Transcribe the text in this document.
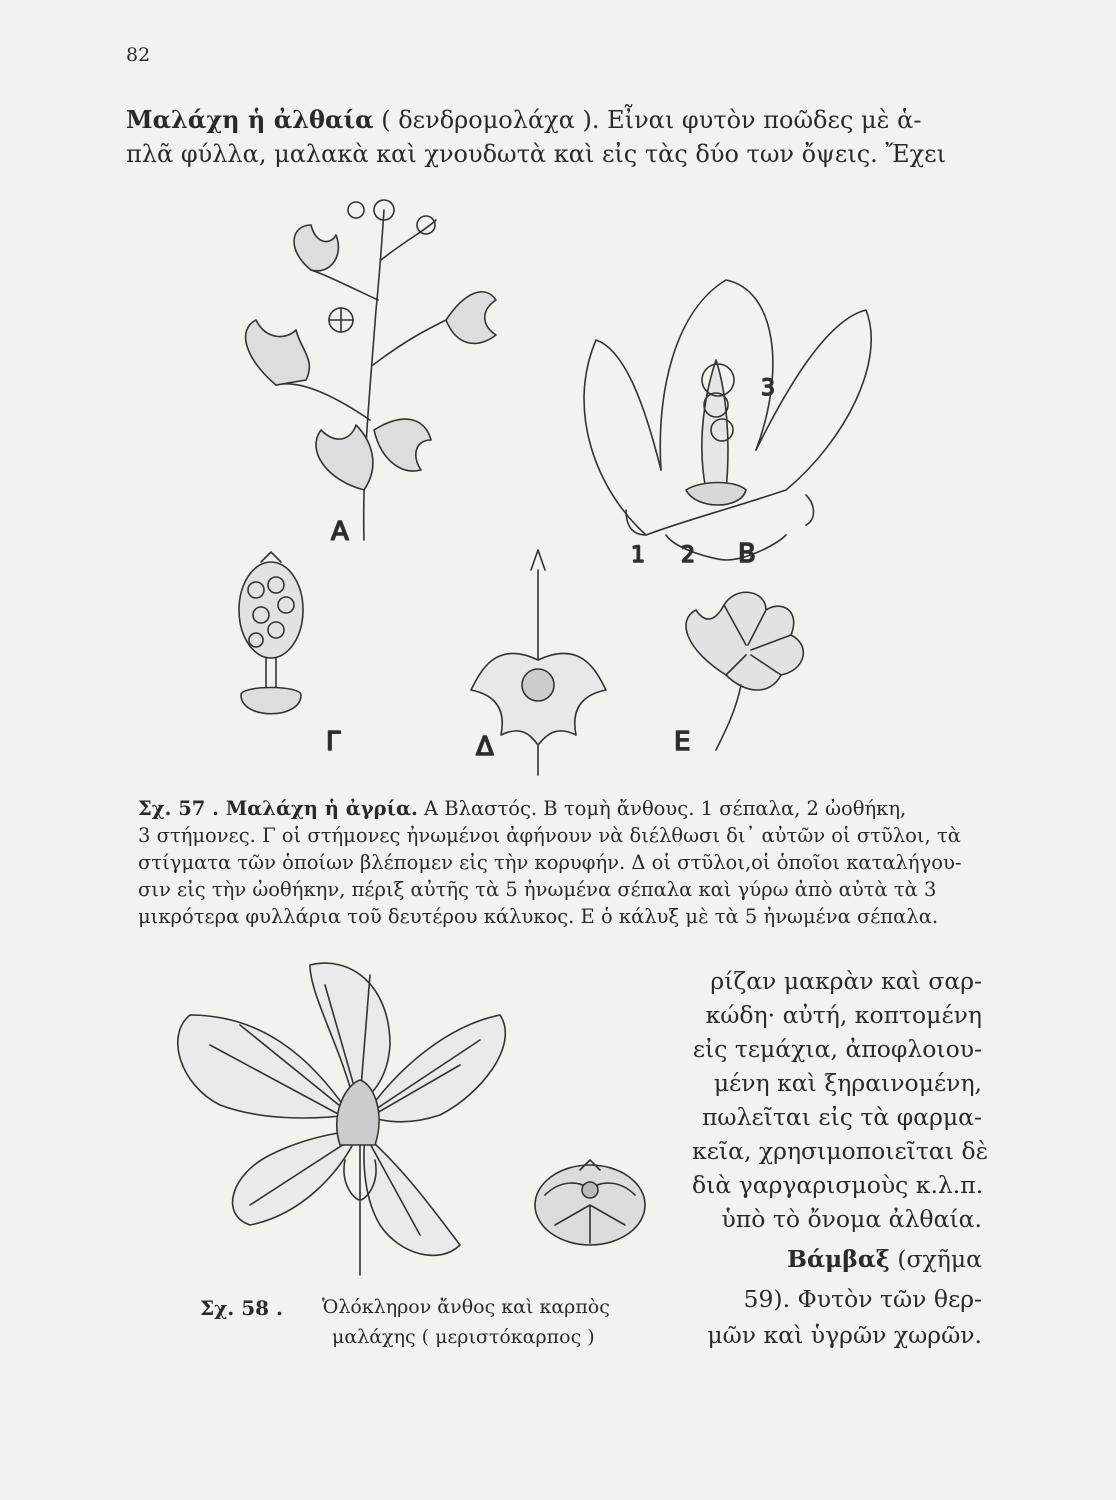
82
Μαλάχη ἡ ἀλθαία ( δενδρομολάχα ). Εἶναι φυτὸν ποῶδες μὲ ἁ-
πλᾶ φύλλα, μαλακὰ καὶ χνουδωτὰ καὶ εἰς τὰς δύο των ὄψεις. Ἔχει
Α
3
1 2 Β
Γ	Δ	Ε
Σχ. 57 . Μαλάχη ἡ ἀγρία. Α Βλαστός. Β τομὴ ἄνθους. 1 σέπαλα, 2 ὠοθήκη,
3 στήμονες. Γ οἱ στήμονες ἠνωμένοι ἀφήνουν νὰ διέλθωσι δι᾽ αὐτῶν οἱ στῦλοι, τὰ
στίγματα τῶν ὁποίων βλέπομεν εἰς τὴν κορυφήν. Δ οἱ στῦλοι,οἱ ὁποῖοι καταλήγου-
σιν εἰς τὴν ὠοθήκην, πέριξ αὐτῆς τὰ 5 ἠνωμένα σέπαλα καὶ γύρω ἀπὸ αὐτὰ τὰ 3
μικρότερα φυλλάρια τοῦ δευτέρου κάλυκος. Ε ὁ κάλυξ μὲ τὰ 5 ἠνωμένα σέπαλα.
Σχ. 58 . Ὁλόκληρον ἄνθος καὶ καρπὸς
μαλάχης ( μεριστόκαρπος )
ρίζαν μακρὰν καὶ σαρ-
κώδη· αὐτή, κοπτομένη
εἰς τεμάχια, ἀποφλοιου-
μένη καὶ ξηραινομένη,
πωλεῖται εἰς τὰ φαρμα-
κεῖα, χρησιμοποιεῖται δὲ
διὰ γαργαρισμοὺς κ.λ.π.
ὑπὸ τὸ ὄνομα ἀλθαία.
Βάμβαξ (σχῆμα
59). Φυτὸν τῶν θερ-
μῶν καὶ ὑγρῶν χωρῶν.
